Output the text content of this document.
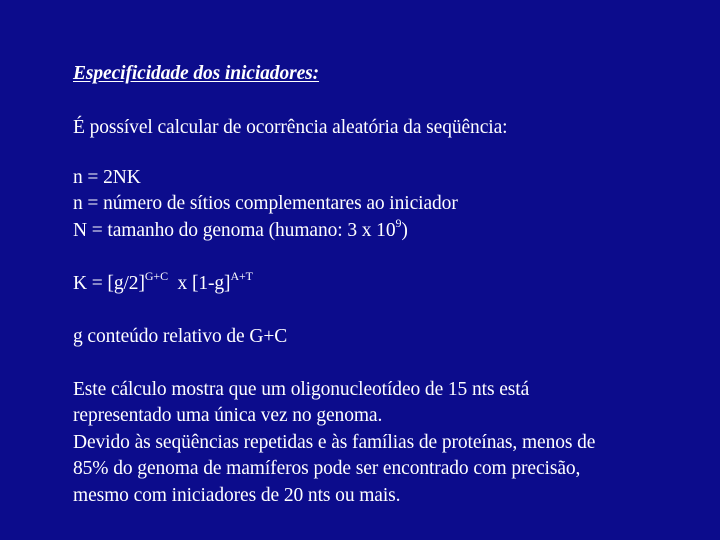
Especificidade dos iniciadores:
É possível calcular de ocorrência aleatória da seqüência:
n = 2NK
n = número de sítios complementares ao iniciador
N = tamanho do genoma (humano: 3 x $10^9$)
$K = [g/2]^{G+C}$  x $[1-g]^{A+T}$
g conteúdo relativo de G+C
Este cálculo mostra que um oligonucleotídeo de 15 nts está
representado uma única vez no genoma.
Devido às seqüências repetidas e às famílias de proteínas, menos de
85% do genoma de mamíferos pode ser encontrado com precisão,
mesmo com iniciadores de 20 nts ou mais.
